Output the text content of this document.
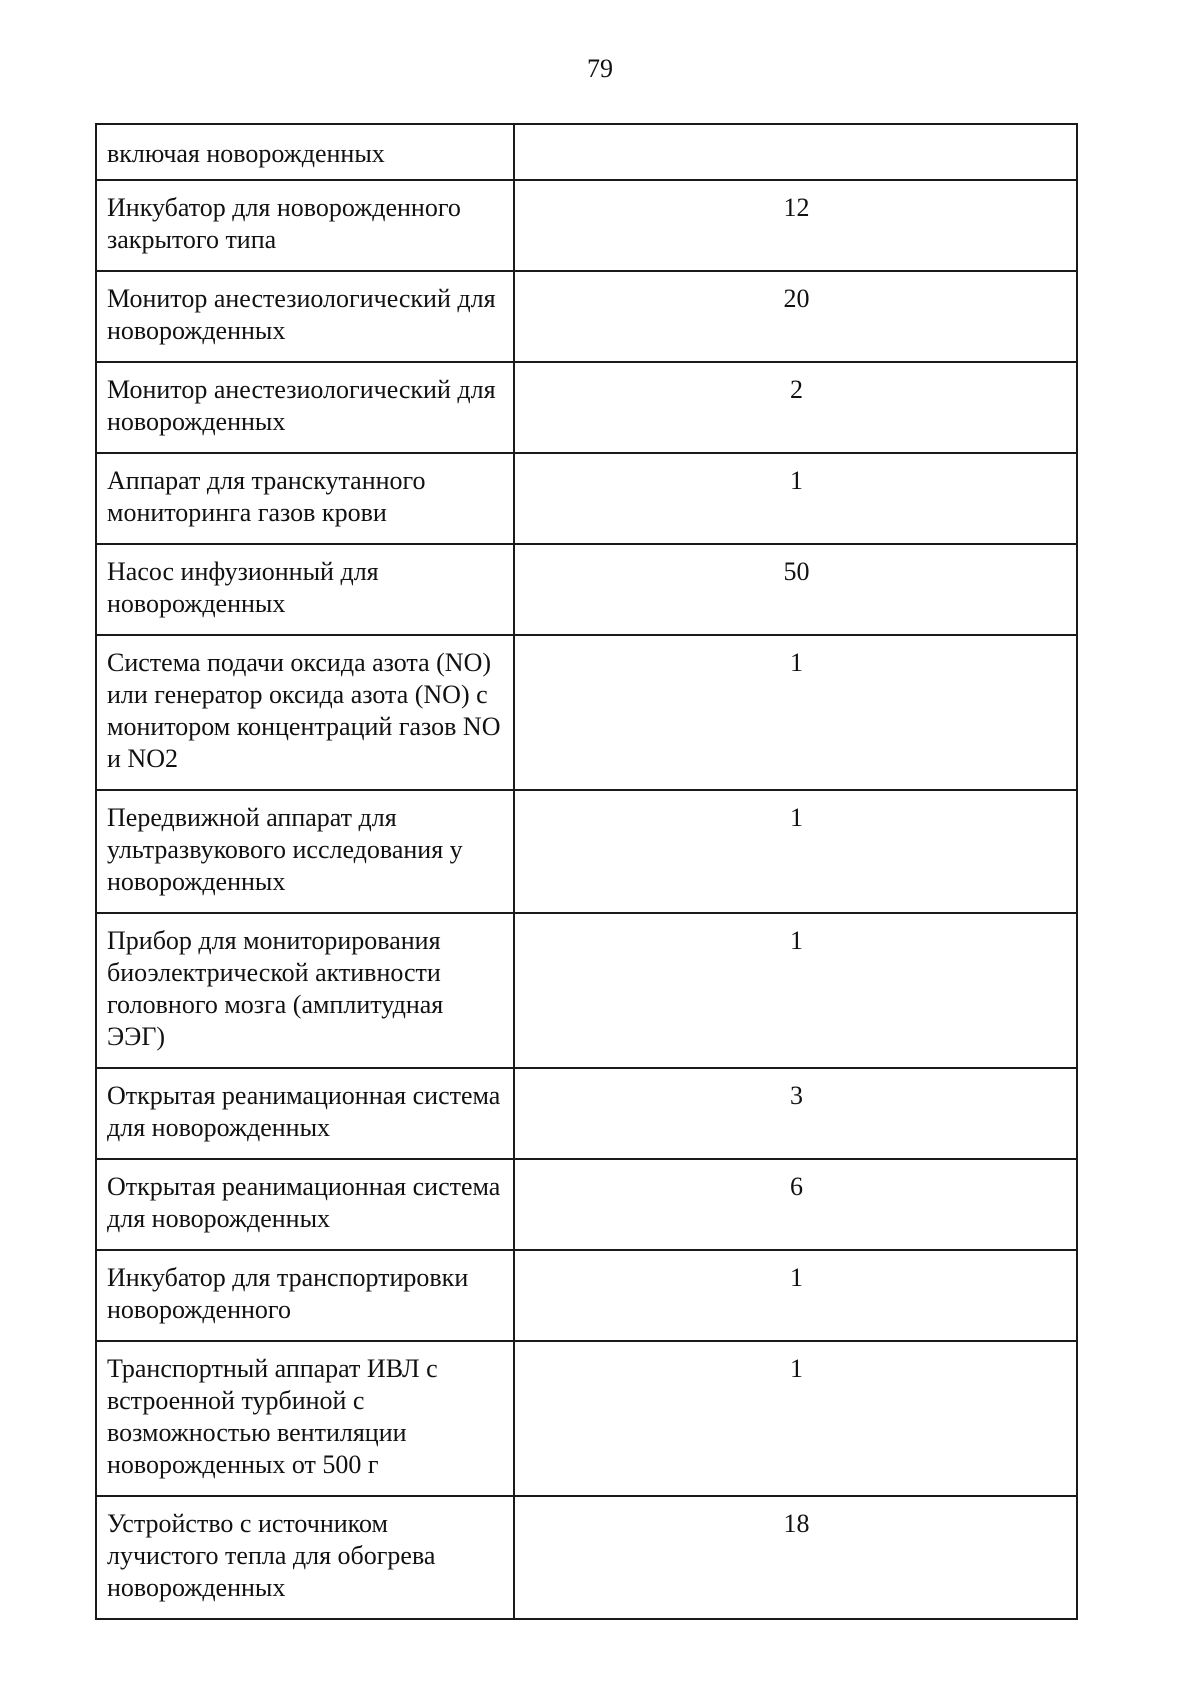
79
включая новорожденных	
Инкубатор для новорожденного закрытого типа	12
Монитор анестезиологический для новорожденных	20
Монитор анестезиологический для новорожденных	2
Аппарат для транскутанного мониторинга газов крови	1
Насос инфузионный для новорожденных	50
Система подачи оксида азота (NO) или генератор оксида азота (NO) с монитором концентраций газов NO и NO2	1
Передвижной аппарат для ультразвукового исследования у новорожденных	1
Прибор для мониторирования биоэлектрической активности головного мозга (амплитудная ЭЭГ)	1
Открытая реанимационная система для новорожденных	3
Открытая реанимационная система для новорожденных	6
Инкубатор для транспортировки новорожденного	1
Транспортный аппарат ИВЛ с встроенной турбиной с возможностью вентиляции новорожденных от 500 г	1
Устройство с источником лучистого тепла для обогрева новорожденных	18
